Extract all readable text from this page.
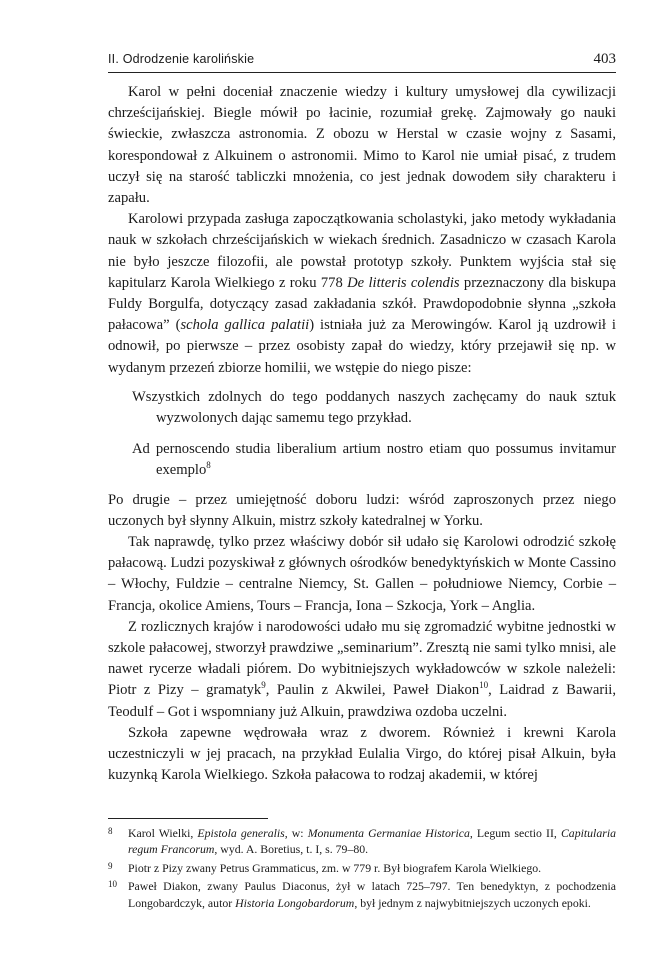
II. Odrodzenie karolińskie	403

Karol w pełni doceniał znaczenie wiedzy i kultury umysłowej dla cywilizacji chrześcijańskiej. Biegle mówił po łacinie, rozumiał grekę. Zajmowały go nauki świeckie, zwłaszcza astronomia. Z obozu w Herstal w czasie wojny z Sasami, korespondował z Alkuinem o astronomii. Mimo to Karol nie umiał pisać, z trudem uczył się na starość tabliczki mnożenia, co jest jednak dowodem siły charakteru i zapału.

Karolowi przypada zasługa zapoczątkowania scholastyki, jako metody wykładania nauk w szkołach chrześcijańskich w wiekach średnich. Zasadniczo w czasach Karola nie było jeszcze filozofii, ale powstał prototyp szkoły. Punktem wyjścia stał się kapitularz Karola Wielkiego z roku 778 De litteris colendis przeznaczony dla biskupa Fuldy Borgulfa, dotyczący zasad zakładania szkół. Prawdopodobnie słynna „szkoła pałacowa” (schola gallica palatii) istniała już za Merowingów. Karol ją uzdrowił i odnowił, po pierwsze – przez osobisty zapał do wiedzy, który przejawił się np. w wydanym przezeń zbiorze homilii, we wstępie do niego pisze:

Wszystkich zdolnych do tego poddanych naszych zachęcamy do nauk sztuk wyzwolonych dając samemu tego przykład.

Ad pernoscendo studia liberalium artium nostro etiam quo possumus invitamur exemplo$^8$

Po drugie – przez umiejętność doboru ludzi: wśród zaproszonych przez niego uczonych był słynny Alkuin, mistrz szkoły katedralnej w Yorku.

Tak naprawdę, tylko przez właściwy dobór sił udało się Karolowi odrodzić szkołę pałacową. Ludzi pozyskiwał z głównych ośrodków benedyktyńskich w Monte Cassino – Włochy, Fuldzie – centralne Niemcy, St. Gallen – południowe Niemcy, Corbie – Francja, okolice Amiens, Tours – Francja, Iona – Szkocja, York – Anglia.

Z rozlicznych krajów i narodowości udało mu się zgromadzić wybitne jednostki w szkole pałacowej, stworzył prawdziwe „seminarium”. Zresztą nie sami tylko mnisi, ale nawet rycerze władali piórem. Do wybitniejszych wykładowców w szkole należeli: Piotr z Pizy – gramatyk$^9$, Paulin z Akwilei, Paweł Diakon$^{10}$, Laidrad z Bawarii, Teodulf – Got i wspomniany już Alkuin, prawdziwa ozdoba uczelni.

Szkoła zapewne wędrowała wraz z dworem. Również i krewni Karola uczestniczyli w jej pracach, na przykład Eulalia Virgo, do której pisał Alkuin, była kuzynką Karola Wielkiego. Szkoła pałacowa to rodzaj akademii, w której

8	Karol Wielki, Epistola generalis, w: Monumenta Germaniae Historica, Legum sectio II, Capitularia regum Francorum, wyd. A. Boretius, t. I, s. 79–80.
9	Piotr z Pizy zwany Petrus Grammaticus, zm. w 779 r. Był biografem Karola Wielkiego.
10 Paweł Diakon, zwany Paulus Diaconus, żył w latach 725–797. Ten benedyktyn, z pochodzenia Longobardczyk, autor Historia Longobardorum, był jednym z najwybitniejszych uczonych epoki.
